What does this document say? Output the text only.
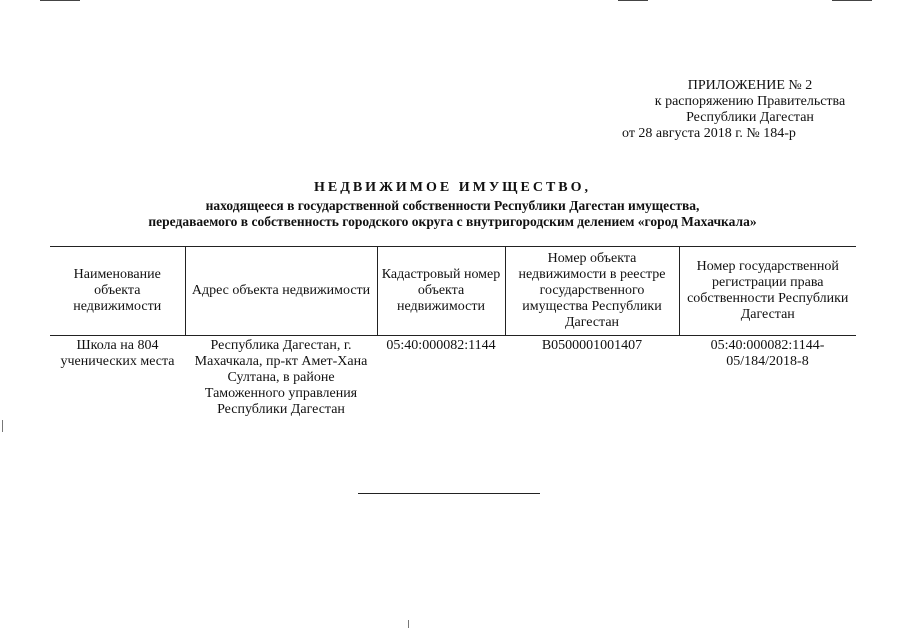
ПРИЛОЖЕНИЕ № 2
к распоряжению Правительства
Республики Дагестан
от 28 августа 2018 г. № 184-р
НЕДВИЖИМОЕ ИМУЩЕСТВО,
находящееся в государственной собственности Республики Дагестан имущества,
передаваемого в собственность городского округа с внутригородским делением «город Махачкала»
Наименование объекта недвижимости	Адрес объекта недвижимости	Кадастровый номер объекта недвижимости	Номер объекта недвижимости в реестре государственного имущества Республики Дагестан	Номер государственной регистрации права собственности Республики Дагестан
Школа на 804 ученических места	Республика Дагестан, г. Махачкала, пр-кт Амет-Хана Султана, в районе Таможенного управления Республики Дагестан	05:40:000082:1144	В0500001001407	05:40:000082:1144-05/184/2018-8
